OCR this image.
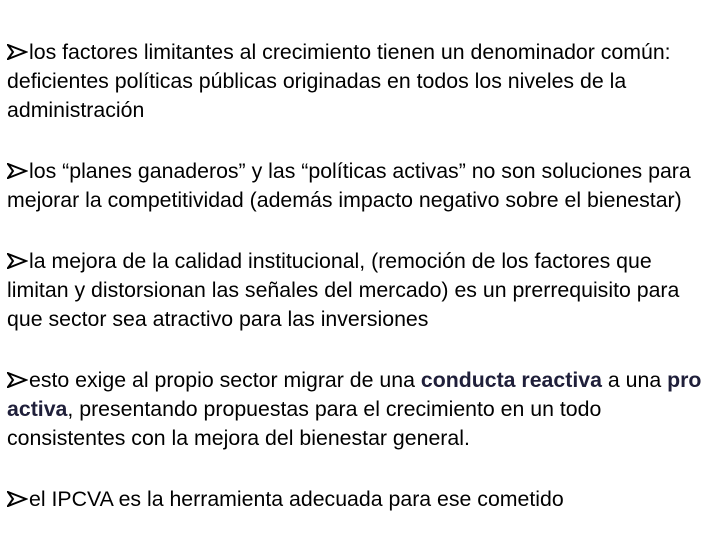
los factores limitantes al crecimiento tienen un denominador común: deficientes políticas públicas originadas en todos los niveles de la administración
los “planes ganaderos” y las “políticas activas” no son soluciones para mejorar la competitividad (además impacto negativo sobre el bienestar)
la mejora de la calidad institucional, (remoción de los factores que limitan y distorsionan las señales del mercado) es un prerrequisito para que sector sea atractivo para las inversiones
esto exige al propio sector migrar de una conducta reactiva a una pro activa, presentando propuestas para el crecimiento en un todo consistentes con la mejora del bienestar general.
el IPCVA es la herramienta adecuada para ese cometido
